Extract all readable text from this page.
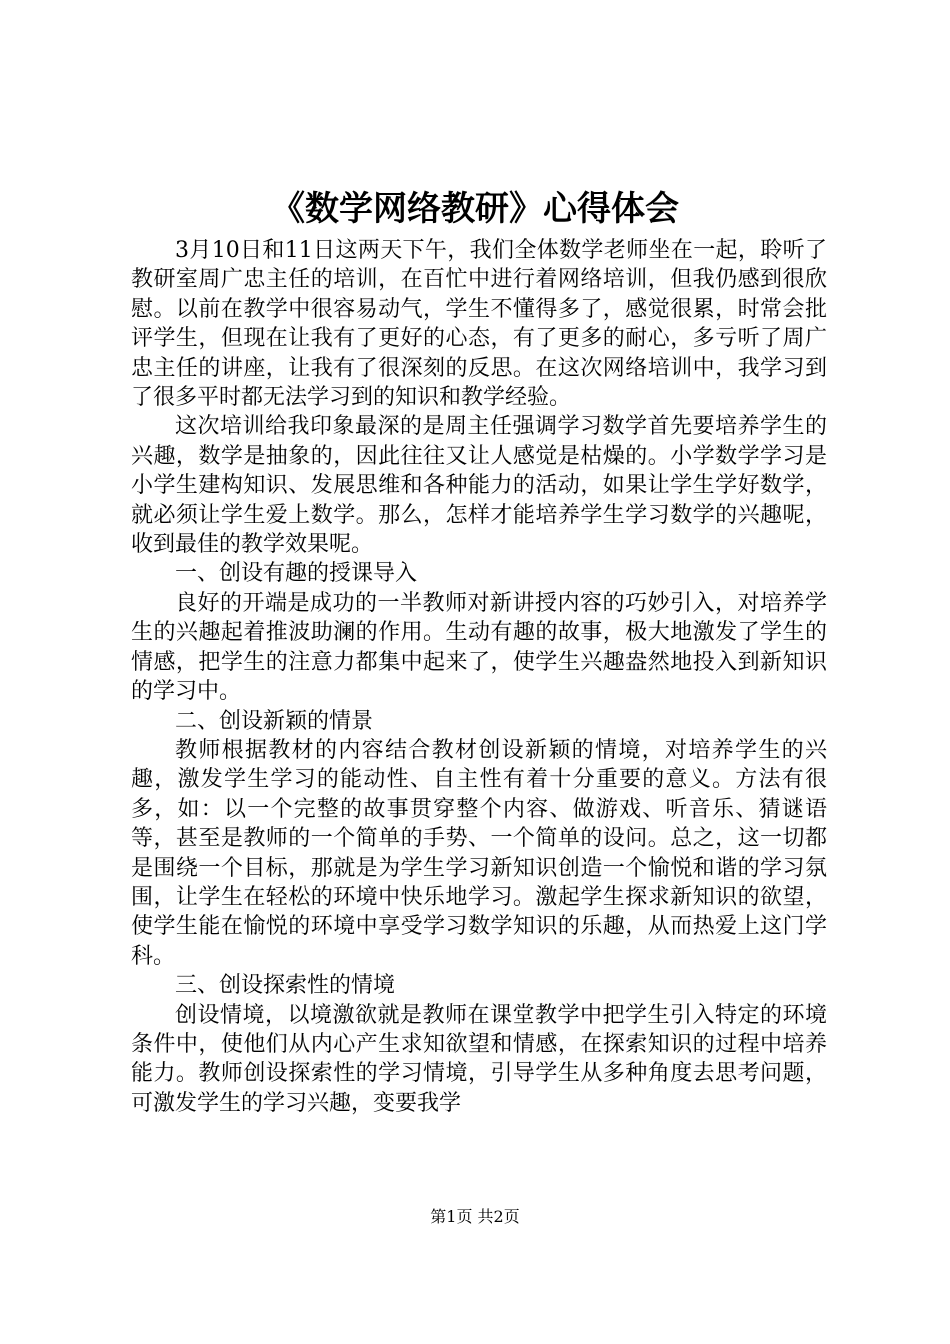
《数学网络教研》心得体会

3月10日和11日这两天下午，我们全体数学老师坐在一起，聆听了教研室周广忠主任的培训，在百忙中进行着网络培训，但我仍感到很欣慰。以前在教学中很容易动气，学生不懂得多了，感觉很累，时常会批评学生，但现在让我有了更好的心态，有了更多的耐心，多亏听了周广忠主任的讲座，让我有了很深刻的反思。在这次网络培训中，我学习到了很多平时都无法学习到的知识和教学经验。

这次培训给我印象最深的是周主任强调学习数学首先要培养学生的兴趣，数学是抽象的，因此往往又让人感觉是枯燥的。小学数学学习是小学生建构知识、发展思维和各种能力的活动，如果让学生学好数学，就必须让学生爱上数学。那么，怎样才能培养学生学习数学的兴趣呢，收到最佳的教学效果呢。

一、创设有趣的授课导入

良好的开端是成功的一半教师对新讲授内容的巧妙引入，对培养学生的兴趣起着推波助澜的作用。生动有趣的故事，极大地激发了学生的情感，把学生的注意力都集中起来了，使学生兴趣盎然地投入到新知识的学习中。

二、创设新颖的情景

教师根据教材的内容结合教材创设新颖的情境，对培养学生的兴趣，激发学生学习的能动性、自主性有着十分重要的意义。方法有很多，如：以一个完整的故事贯穿整个内容、做游戏、听音乐、猜谜语等，甚至是教师的一个简单的手势、一个简单的设问。总之，这一切都是围绕一个目标，那就是为学生学习新知识创造一个愉悦和谐的学习氛围，让学生在轻松的环境中快乐地学习。激起学生探求新知识的欲望，使学生能在愉悦的环境中享受学习数学知识的乐趣，从而热爱上这门学科。

三、创设探索性的情境

创设情境，以境激欲就是教师在课堂教学中把学生引入特定的环境条件中，使他们从内心产生求知欲望和情感，在探索知识的过程中培养能力。教师创设探索性的学习情境，引导学生从多种角度去思考问题，可激发学生的学习兴趣，变要我学

第1页 共2页
